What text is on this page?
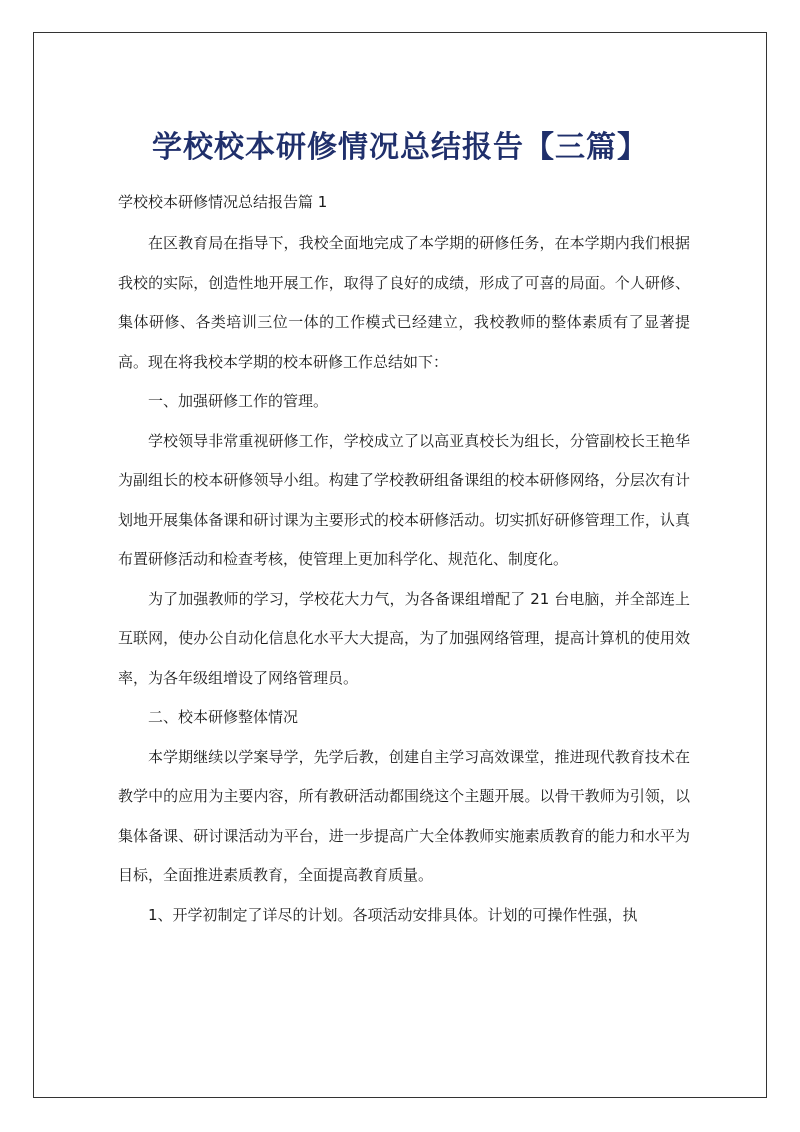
学校校本研修情况总结报告【三篇】

学校校本研修情况总结报告篇 1

在区教育局在指导下，我校全面地完成了本学期的研修任务，在本学期内我们根据我校的实际，创造性地开展工作，取得了良好的成绩，形成了可喜的局面。个人研修、集体研修、各类培训三位一体的工作模式已经建立，我校教师的整体素质有了显著提高。现在将我校本学期的校本研修工作总结如下：

一、加强研修工作的管理。

学校领导非常重视研修工作，学校成立了以高亚真校长为组长，分管副校长王艳华为副组长的校本研修领导小组。构建了学校教研组备课组的校本研修网络，分层次有计划地开展集体备课和研讨课为主要形式的校本研修活动。切实抓好研修管理工作，认真布置研修活动和检查考核，使管理上更加科学化、规范化、制度化。

为了加强教师的学习，学校花大力气，为各备课组增配了 21 台电脑，并全部连上互联网，使办公自动化信息化水平大大提高，为了加强网络管理，提高计算机的使用效率，为各年级组增设了网络管理员。

二、校本研修整体情况

本学期继续以学案导学，先学后教，创建自主学习高效课堂，推进现代教育技术在教学中的应用为主要内容，所有教研活动都围绕这个主题开展。以骨干教师为引领，以集体备课、研讨课活动为平台，进一步提高广大全体教师实施素质教育的能力和水平为目标，全面推进素质教育，全面提高教育质量。

1、开学初制定了详尽的计划。各项活动安排具体。计划的可操作性强，执
